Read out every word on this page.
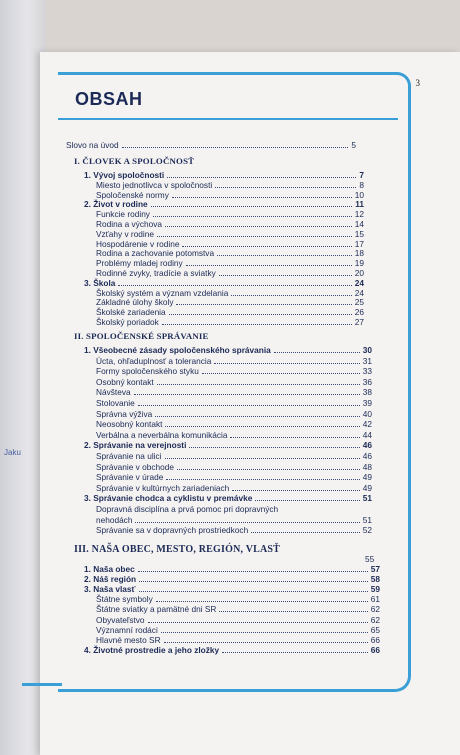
Jaku
3
OBSAH
Slovo na úvod	5
I. ČLOVEK A SPOLOČNOSŤ
1. Vývoj spoločnosti	7
Miesto jednotlivca v spoločnosti	8
Spoločenské normy	10
2. Život v rodine	11
Funkcie rodiny	12
Rodina a výchova	14
Vzťahy v rodine	15
Hospodárenie v rodine	17
Rodina a zachovanie potomstva	18
Problémy mladej rodiny	19
Rodinné zvyky, tradície a sviatky	20
3. Škola	24
Školský systém a význam vzdelania	24
Základné úlohy školy	25
Školské zariadenia	26
Školský poriadok	27
II. SPOLOČENSKÉ SPRÁVANIE
1. Všeobecné zásady spoločenského správania	30
Úcta, ohľaduplnosť a tolerancia	31
Formy spoločenského styku	33
Osobný kontakt	36
Návšteva	38
Stolovanie	39
Správna výživa	40
Neosobný kontakt	42
Verbálna a neverbálna komunikácia	44
2. Správanie na verejnosti	46
Správanie na ulici	46
Správanie v obchode	48
Správanie v úrade	49
Správanie v kultúrnych zariadeniach	49
3. Správanie chodca a cyklistu v premávke	51
Dopravná disciplína a prvá pomoc pri dopravných
nehodách	51
Správanie sa v dopravných prostriedkoch	52
III. NAŠA OBEC, MESTO, REGIÓN, VLASŤ
55
1. Naša obec	57
2. Náš región	58
3. Naša vlasť	59
Štátne symboly	61
Štátne sviatky a pamätné dni SR	62
Obyvateľstvo	62
Významní rodáci	65
Hlavné mesto SR	66
4. Životné prostredie a jeho zložky	66
